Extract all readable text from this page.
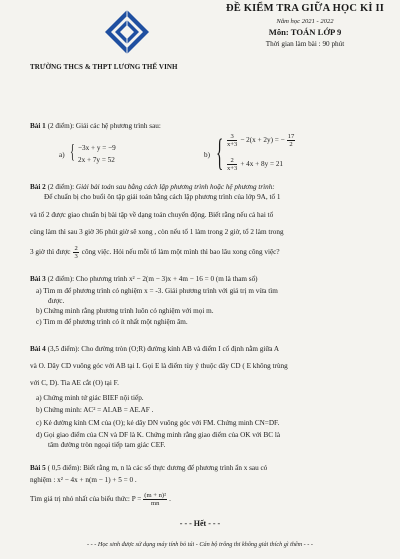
ĐỀ KIỂM TRA GIỮA HỌC KÌ II
Năm học 2021 - 2022
Môn: TOÁN LỚP 9
Thời gian làm bài : 90 phút
TRƯỜNG THCS & THPT LƯƠNG THẾ VINH
Bài 1 (2 điểm): Giải các hệ phương trình sau:
a) { −3x + y = −9
2x + 7y = 52
b) { $\frac{3}{x+3} - 2(x + 2y)$ = − $\frac{17}{2}$
$\frac{2}{x+3} + 4x + 8y = 21$
Bài 2 (2 điểm): Giải bài toán sau bằng cách lập phương trình hoặc hệ phương trình:
Để chuẩn bị cho buổi ôn tập giải toán bằng cách lập phương trình của lớp 9A, tổ 1
và tổ 2 được giao chuẩn bị bài tập về dạng toán chuyển động. Biết rằng nếu cả hai tổ
cùng làm thì sau 3 giờ 36 phút giờ sẽ xong , còn nếu tổ 1 làm trong 2 giờ, tổ 2 làm trong
3 giờ thì được $\frac{2}{3}$ công việc. Hỏi nếu mỗi tổ làm một mình thì bao lâu xong công việc?
Bài 3 (2 điểm): Cho phương trình x² − 2(m − 3)x + 4m − 16 = 0 (m là tham số)
a) Tìm m để phương trình có nghiệm x = -3. Giải phương trình với giá trị m vừa tìm
được.
b) Chứng minh rằng phương trình luôn có nghiệm với mọi m.
c) Tìm m để phương trình có ít nhất một nghiệm âm.
Bài 4 (3,5 điểm): Cho đường tròn (O;R) đường kính AB và điểm I cố định nằm giữa A
và O. Dây CD vuông góc với AB tại I. Gọi E là điểm tùy ý thuộc dây CD ( E không trùng
với C, D). Tia AE cắt (O) tại F.
a) Chứng minh tứ giác BIEF nội tiếp.
b) Chứng minh: AC² = AI.AB = AE.AF .
c) Kẻ đường kính CM của (O); kẻ dây DN vuông góc với FM. Chứng minh CN=DF.
d) Gọi giao điểm của CN và DF là K. Chứng minh rằng giao điểm của OK với BC là
tâm đường tròn ngoại tiếp tam giác CEF.
Bài 5 ( 0,5 điểm): Biết rằng m, n là các số thực dương để phương trình ẩn x sau có
nghiệm : x² − 4x + n(m − 1) + 5 = 0 .
Tìm giá trị nhỏ nhất của biểu thức: $P = \frac{\text{(m + n)²}}{mn}$ .
- - - Hết - - -
- - - Học sinh được sử dụng máy tính bỏ túi - Cán bộ trông thi không giải thích gì thêm - - -
